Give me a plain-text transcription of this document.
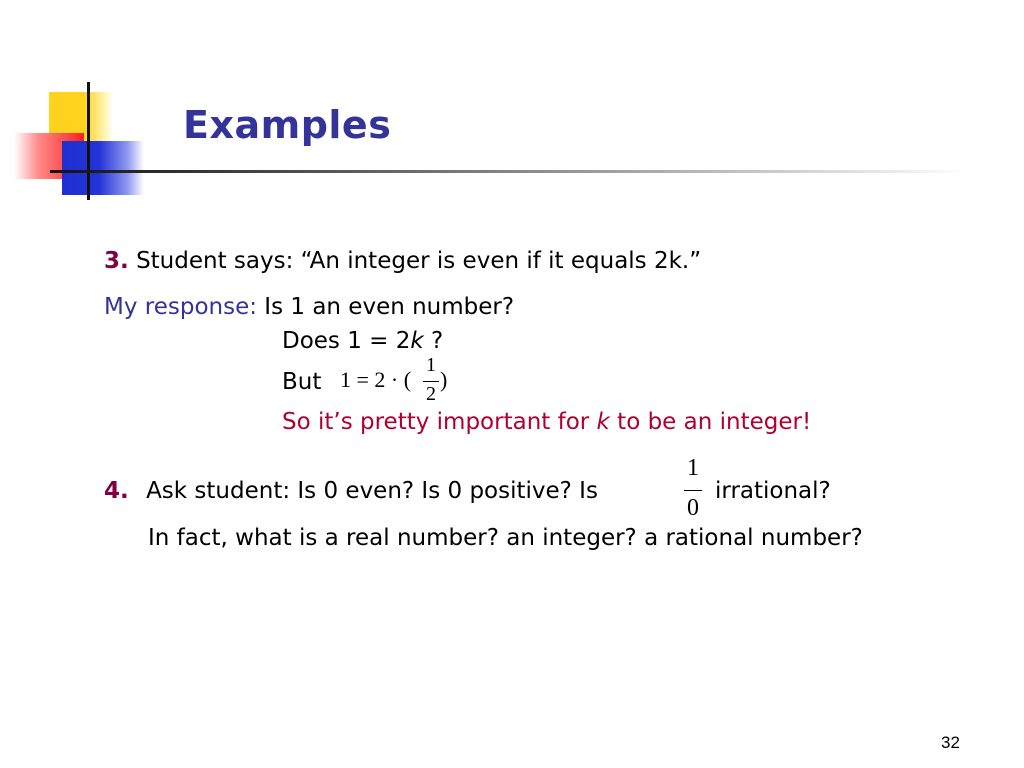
Examples
3. Student says: “An integer is even if it equals 2k.”
My response: Is 1 an even number?
Does 1 = 2k ?
But 1 = 2 · (
1
2
)
So it’s pretty important for k to be an integer!
4. Ask student: Is 0 even? Is 0 positive? Is
1
0
irrational?
In fact, what is a real number? an integer? a rational number?
32
